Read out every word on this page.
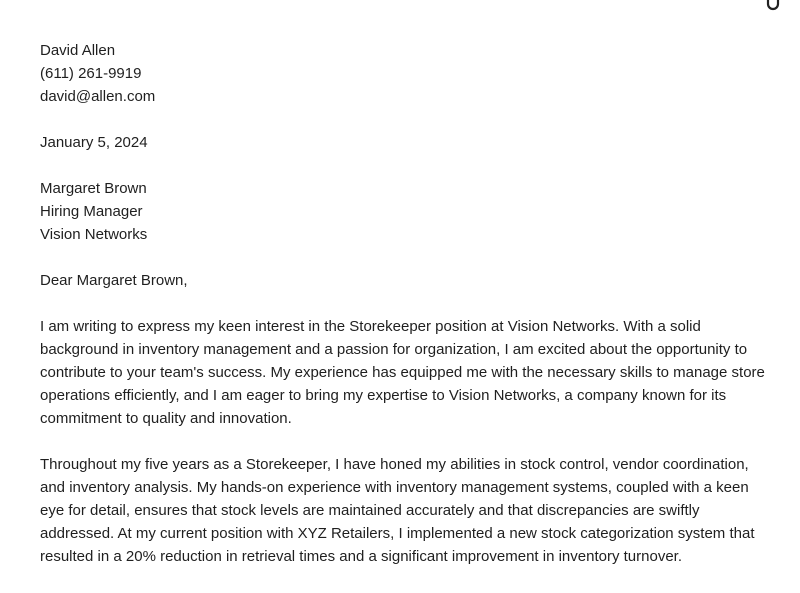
David Allen
(611) 261-9919
david@allen.com
January 5, 2024
Margaret Brown
Hiring Manager
Vision Networks
Dear Margaret Brown,

I am writing to express my keen interest in the Storekeeper position at Vision Networks. With a solid background in inventory management and a passion for organization, I am excited about the opportunity to contribute to your team's success. My experience has equipped me with the necessary skills to manage store operations efficiently, and I am eager to bring my expertise to Vision Networks, a company known for its commitment to quality and innovation.

Throughout my five years as a Storekeeper, I have honed my abilities in stock control, vendor coordination, and inventory analysis. My hands-on experience with inventory management systems, coupled with a keen eye for detail, ensures that stock levels are maintained accurately and that discrepancies are swiftly addressed. At my current position with XYZ Retailers, I implemented a new stock categorization system that resulted in a 20% reduction in retrieval times and a significant improvement in inventory turnover.
